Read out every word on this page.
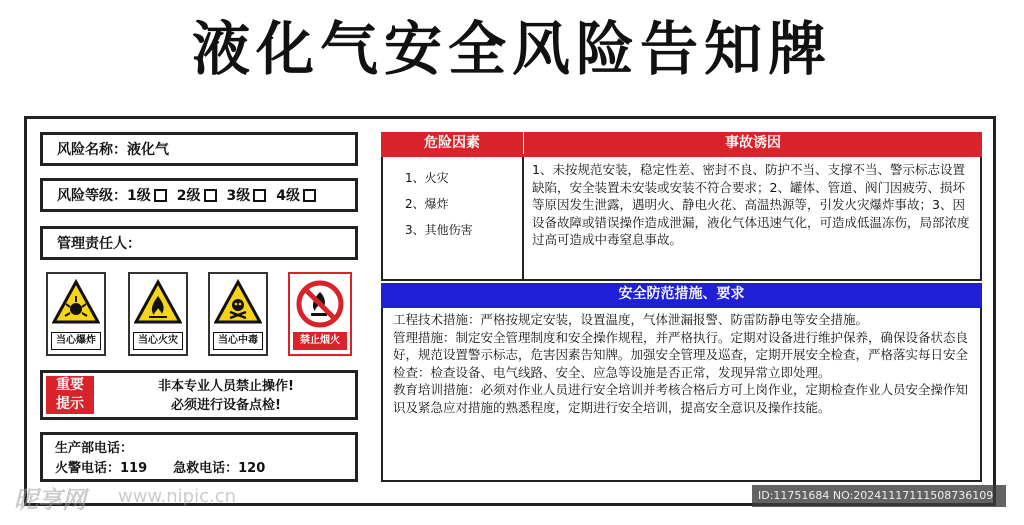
液化气安全风险告知牌
风险名称：液化气
风险等级： 1级 2级 3级 4级
管理责任人：
当心爆炸	当心火灾	当心中毒	禁止烟火
重要
提示
非本专业人员禁止操作!
必须进行设备点检!
生产部电话：
火警电话：119 急救电话：120
危险因素	事故诱因
1、火灾
2、爆炸
3、其他伤害

1、未按规范安装，稳定性差、密封不良、防护不当、支撑不当、警示标志设置缺陷，安全装置未安装或安装不符合要求；2、罐体、管道、阀门因疲劳、损坏等原因发生泄露，遇明火、静电火花、高温热源等，引发火灾爆炸事故；3、因设备故障或错误操作造成泄漏，液化气体迅速气化，可造成低温冻伤，局部浓度过高可造成中毒窒息事故。

安全防范措施、要求

工程技术措施：严格按规定安装，设置温度，气体泄漏报警、防雷防静电等安全措施。

管理措施：制定安全管理制度和安全操作规程，并严格执行。定期对设备进行维护保养，确保设备状态良好，规范设置警示标志，危害因素告知牌。加强安全管理及巡查，定期开展安全检查，严格落实每日安全检查：检查设备、电气线路、安全、应急等设施是否正常，发现异常立即处理。

教育培训措施：必须对作业人员进行安全培训并考核合格后方可上岗作业，定期检查作业人员安全操作知识及紧急应对措施的熟悉程度，定期进行安全培训，提高安全意识及操作技能。

昵享网 www.nipic.cn	ID:11751684 NO:20241117111508736109
